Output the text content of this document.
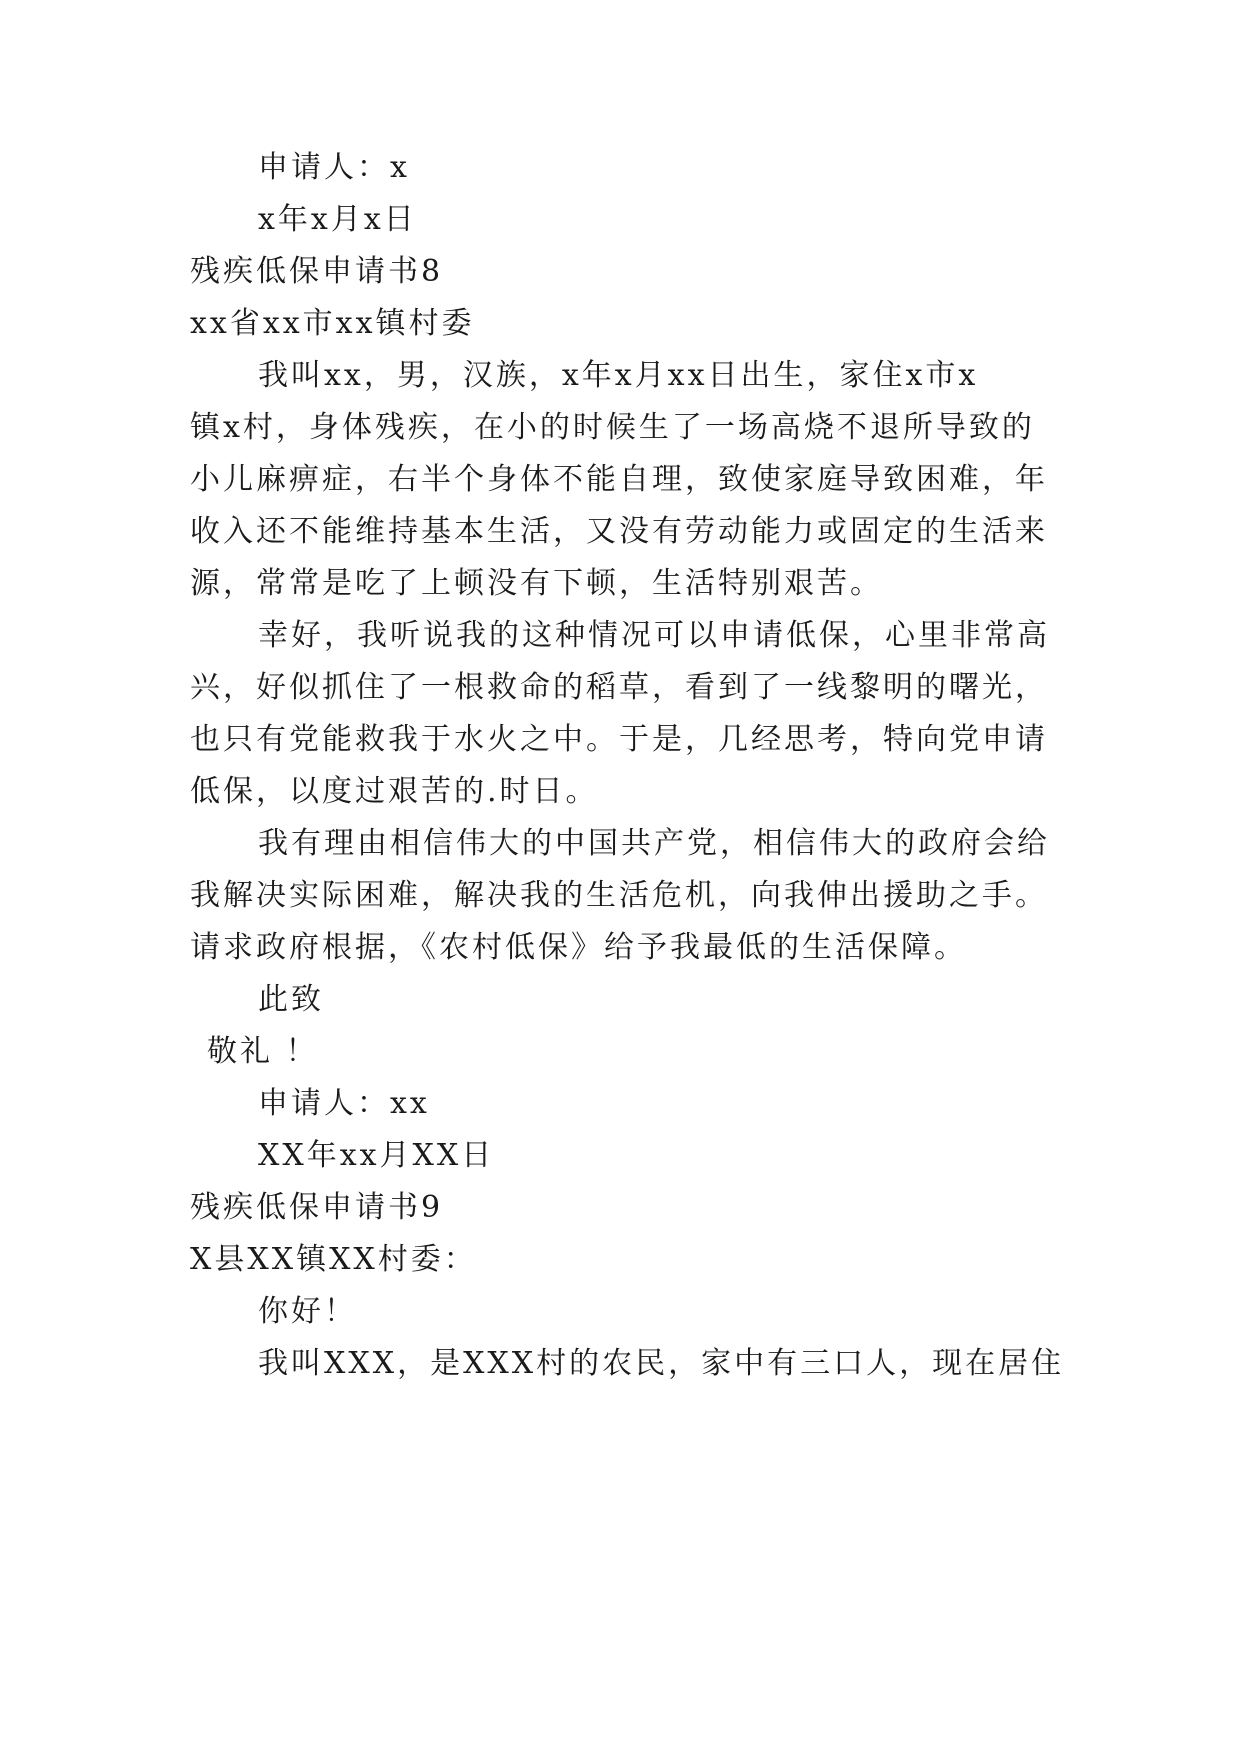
申请人：x
x年x月x日
残疾低保申请书8
xx省xx市xx镇村委
我叫xx，男，汉族，x年x月xx日出生，家住x市x
镇x村，身体残疾，在小的时候生了一场高烧不退所导致的
小儿麻痹症，右半个身体不能自理，致使家庭导致困难，年
收入还不能维持基本生活，又没有劳动能力或固定的生活来
源，常常是吃了上顿没有下顿，生活特别艰苦。
幸好，我听说我的这种情况可以申请低保，心里非常高
兴，好似抓住了一根救命的稻草，看到了一线黎明的曙光，
也只有党能救我于水火之中。于是，几经思考，特向党申请
低保，以度过艰苦的.时日。
我有理由相信伟大的中国共产党，相信伟大的政府会给
我解决实际困难，解决我的生活危机，向我伸出援助之手。
请求政府根据，《农村低保》给予我最低的生活保障。
此致
敬礼 ！
申请人：xx
XX年xx月XX日
残疾低保申请书9
X县XX镇XX村委：
你好！
我叫XXX，是XXX村的农民，家中有三口人，现在居住
